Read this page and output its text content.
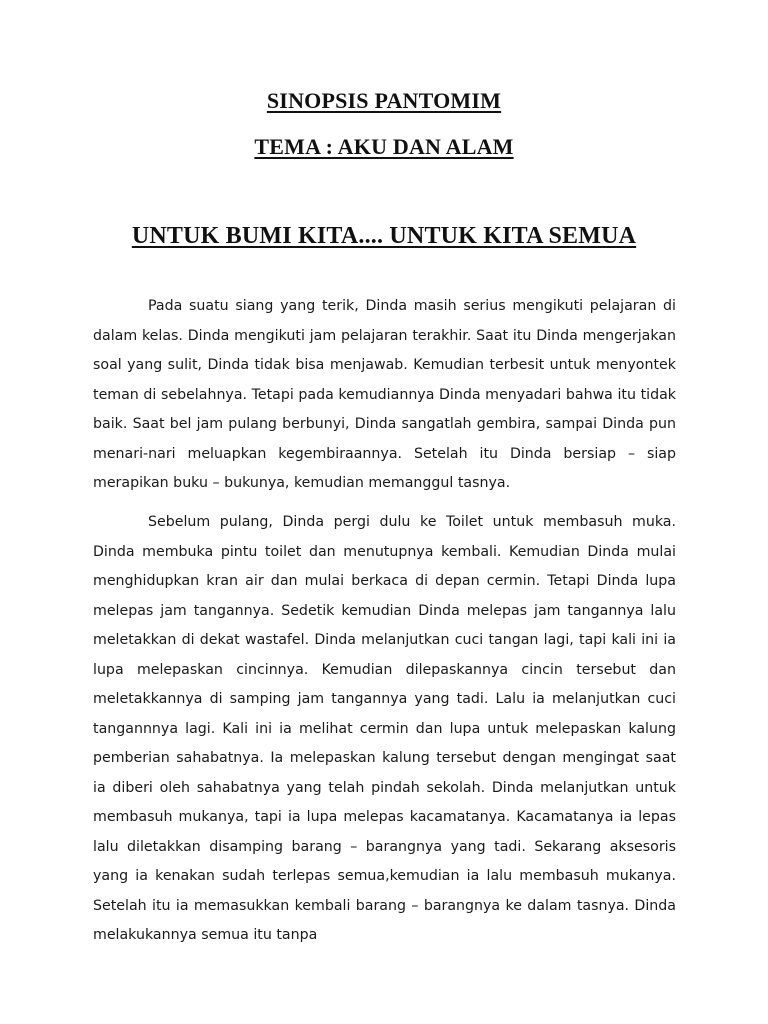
SINOPSIS PANTOMIM
TEMA : AKU DAN ALAM
UNTUK BUMI KITA.... UNTUK KITA SEMUA

Pada suatu siang yang terik, Dinda masih serius mengikuti pelajaran di dalam kelas. Dinda mengikuti jam pelajaran terakhir. Saat itu Dinda mengerjakan soal yang sulit, Dinda tidak bisa menjawab. Kemudian terbesit untuk menyontek teman di sebelahnya. Tetapi pada kemudiannya Dinda menyadari bahwa itu tidak baik. Saat bel jam pulang berbunyi, Dinda sangatlah gembira, sampai Dinda pun menari-nari meluapkan kegembiraannya. Setelah itu Dinda bersiap – siap merapikan buku – bukunya, kemudian memanggul tasnya.

Sebelum pulang, Dinda pergi dulu ke Toilet untuk membasuh muka. Dinda membuka pintu toilet dan menutupnya kembali. Kemudian Dinda mulai menghidupkan kran air dan mulai berkaca di depan cermin. Tetapi Dinda lupa melepas jam tangannya. Sedetik kemudian Dinda melepas jam tangannya lalu meletakkan di dekat wastafel. Dinda melanjutkan cuci tangan lagi, tapi kali ini ia lupa melepaskan cincinnya. Kemudian dilepaskannya cincin tersebut dan meletakkannya di samping jam tangannya yang tadi. Lalu ia melanjutkan cuci tangannnya lagi. Kali ini ia melihat cermin dan lupa untuk melepaskan kalung pemberian sahabatnya. Ia melepaskan kalung tersebut dengan mengingat saat ia diberi oleh sahabatnya yang telah pindah sekolah. Dinda melanjutkan untuk membasuh mukanya, tapi ia lupa melepas kacamatanya. Kacamatanya ia lepas lalu diletakkan disamping barang – barangnya yang tadi. Sekarang aksesoris yang ia kenakan sudah terlepas semua,kemudian ia lalu membasuh mukanya. Setelah itu ia memasukkan kembali barang – barangnya ke dalam tasnya. Dinda melakukannya semua itu tanpa
